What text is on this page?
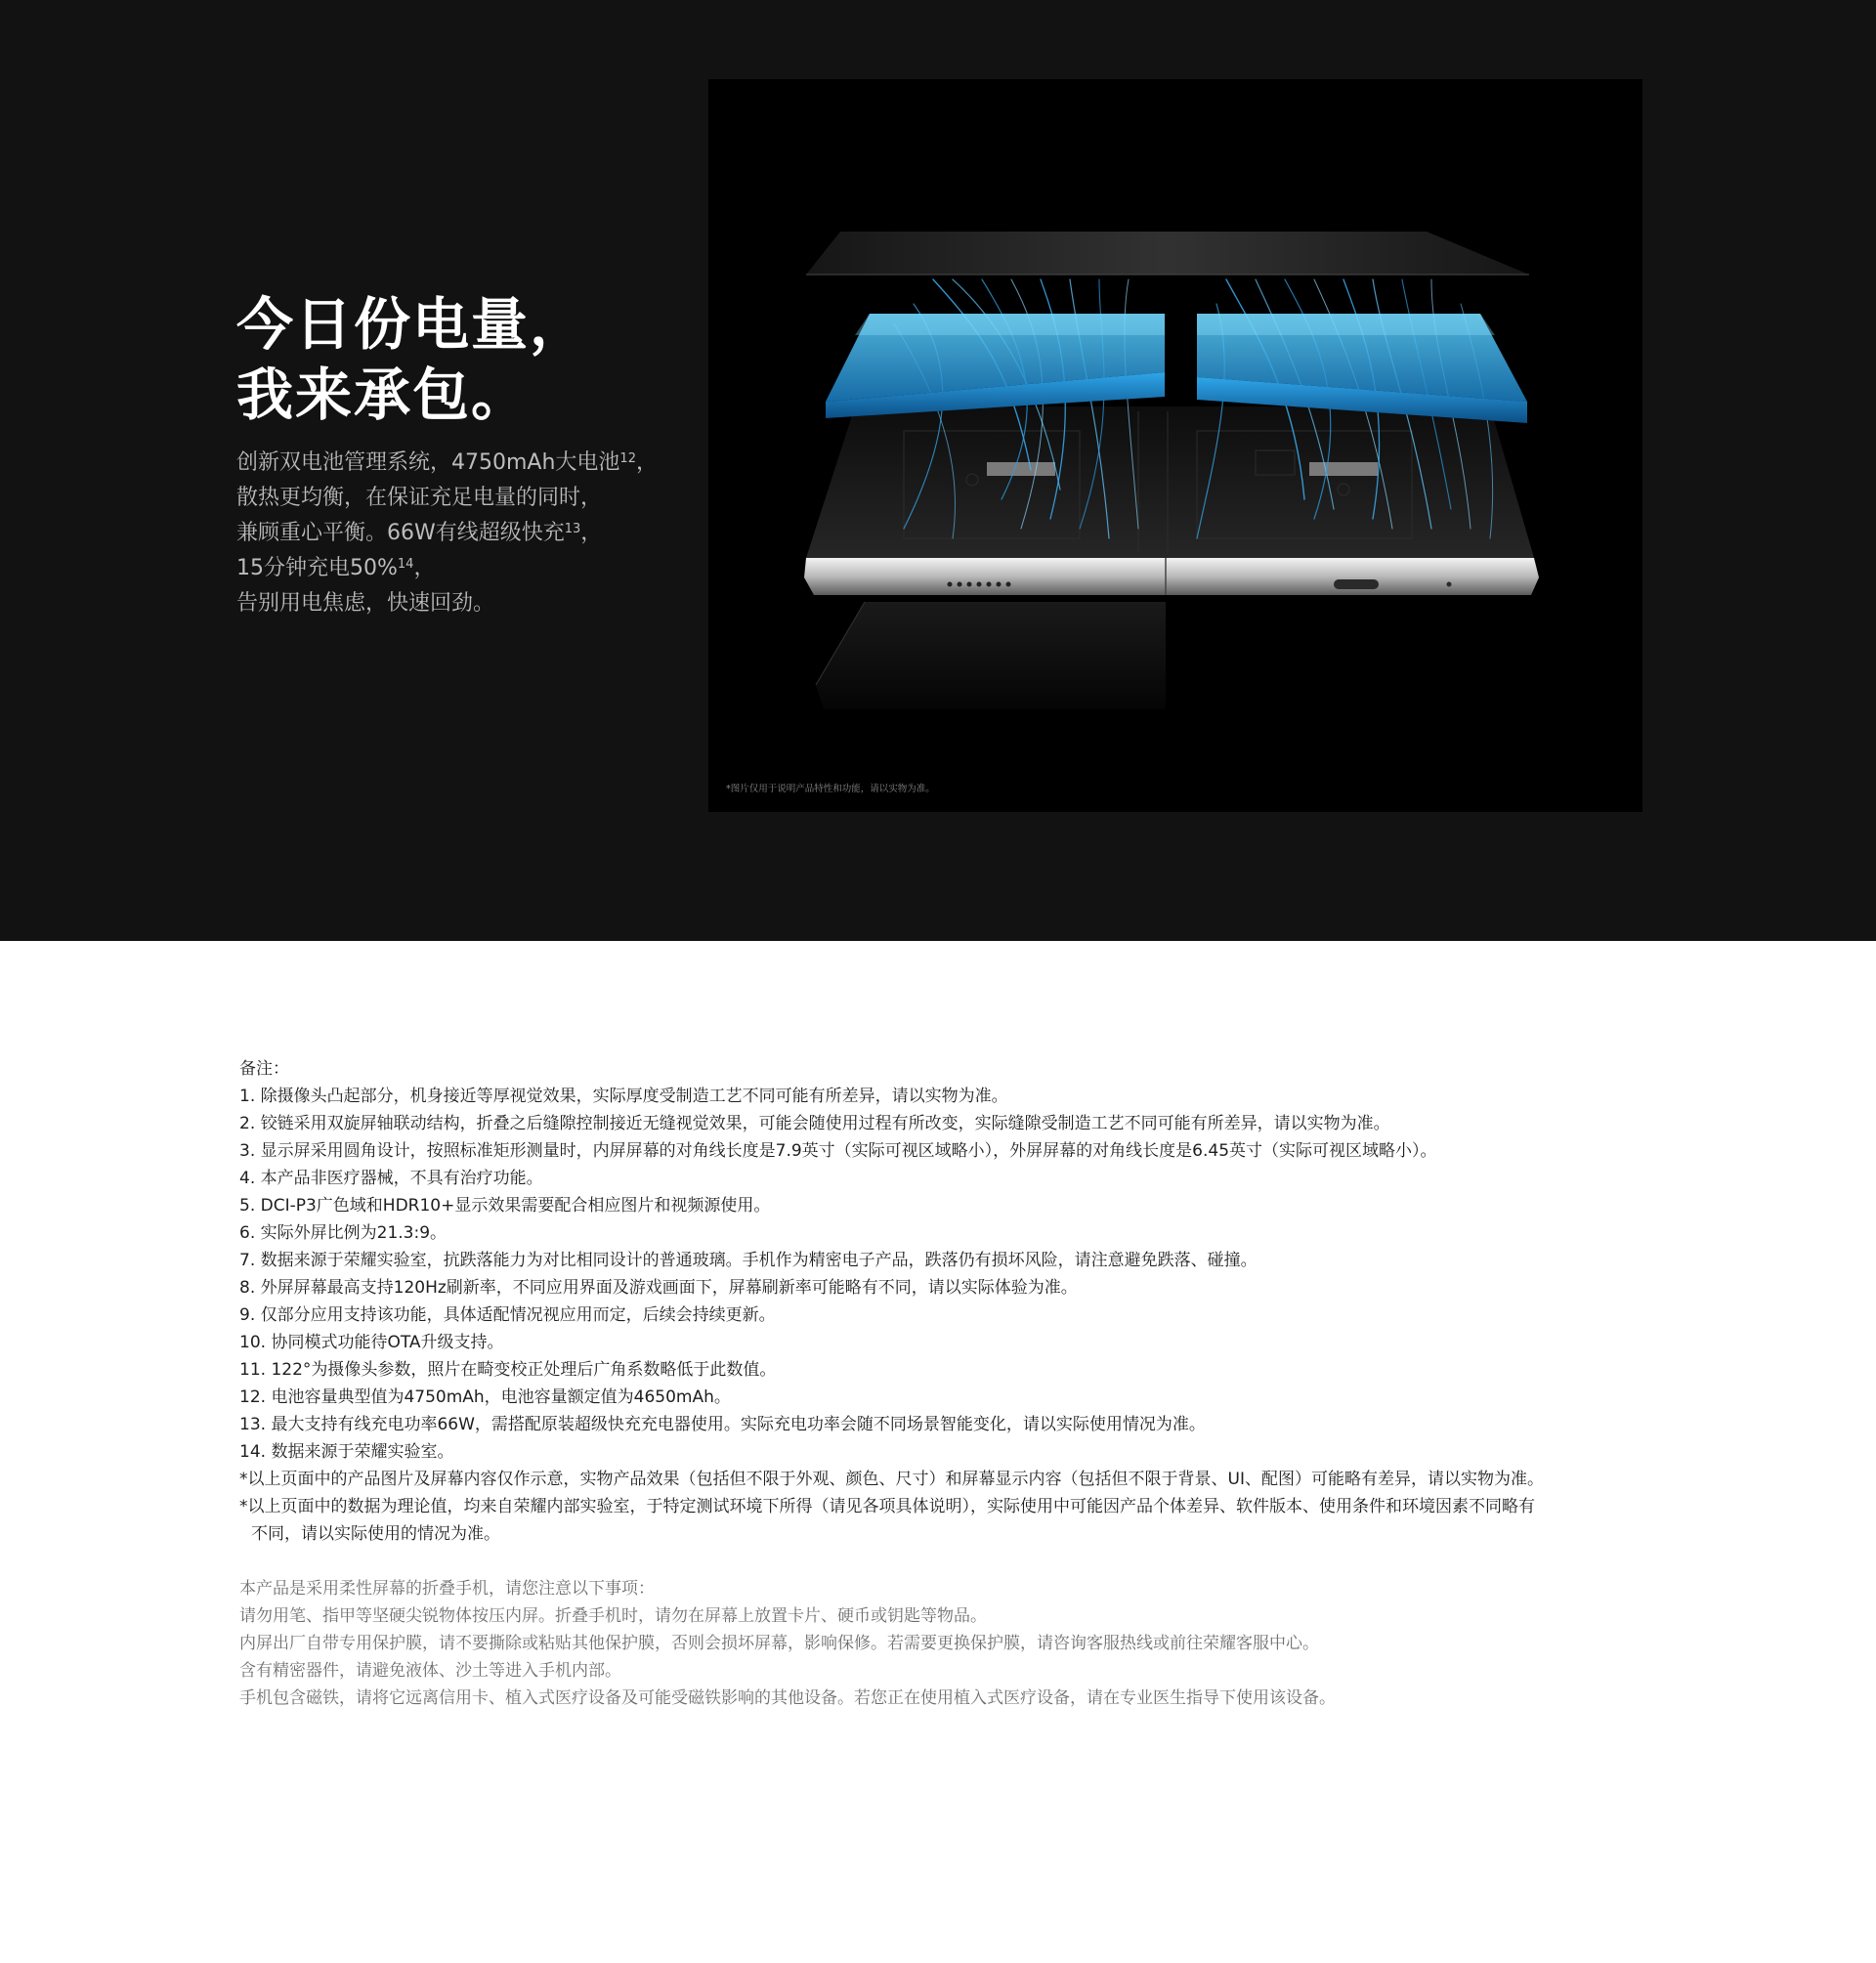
今日份电量，
我来承包。
创新双电池管理系统，4750mAh大电池$^{12}$，
散热更均衡，在保证充足电量的同时，
兼顾重心平衡。66W有线超级快充$^{13}$，
15分钟充电50%$^{14}$，
告别用电焦虑，快速回劲。
*图片仅用于说明产品特性和功能，请以实物为准。
备注：
1. 除摄像头凸起部分，机身接近等厚视觉效果，实际厚度受制造工艺不同可能有所差异，请以实物为准。
2. 铰链采用双旋屏轴联动结构，折叠之后缝隙控制接近无缝视觉效果，可能会随使用过程有所改变，实际缝隙受制造工艺不同可能有所差异，请以实物为准。
3. 显示屏采用圆角设计，按照标准矩形测量时，内屏屏幕的对角线长度是7.9英寸（实际可视区域略小），外屏屏幕的对角线长度是6.45英寸（实际可视区域略小）。
4. 本产品非医疗器械，不具有治疗功能。
5. DCI-P3广色域和HDR10+显示效果需要配合相应图片和视频源使用。
6. 实际外屏比例为21.3:9。
7. 数据来源于荣耀实验室，抗跌落能力为对比相同设计的普通玻璃。手机作为精密电子产品，跌落仍有损坏风险，请注意避免跌落、碰撞。
8. 外屏屏幕最高支持120Hz刷新率，不同应用界面及游戏画面下，屏幕刷新率可能略有不同，请以实际体验为准。
9. 仅部分应用支持该功能，具体适配情况视应用而定，后续会持续更新。
10. 协同模式功能待OTA升级支持。
11. 122°为摄像头参数，照片在畸变校正处理后广角系数略低于此数值。
12. 电池容量典型值为4750mAh，电池容量额定值为4650mAh。
13. 最大支持有线充电功率66W，需搭配原装超级快充充电器使用。实际充电功率会随不同场景智能变化，请以实际使用情况为准。
14. 数据来源于荣耀实验室。
*以上页面中的产品图片及屏幕内容仅作示意，实物产品效果（包括但不限于外观、颜色、尺寸）和屏幕显示内容（包括但不限于背景、UI、配图）可能略有差异，请以实物为准。
*以上页面中的数据为理论值，均来自荣耀内部实验室，于特定测试环境下所得（请见各项具体说明），实际使用中可能因产品个体差异、软件版本、使用条件和环境因素不同略有
不同，请以实际使用的情况为准。
本产品是采用柔性屏幕的折叠手机，请您注意以下事项：
请勿用笔、指甲等坚硬尖锐物体按压内屏。折叠手机时，请勿在屏幕上放置卡片、硬币或钥匙等物品。
内屏出厂自带专用保护膜，请不要撕除或粘贴其他保护膜，否则会损坏屏幕，影响保修。若需要更换保护膜，请咨询客服热线或前往荣耀客服中心。
含有精密器件，请避免液体、沙土等进入手机内部。
手机包含磁铁，请将它远离信用卡、植入式医疗设备及可能受磁铁影响的其他设备。若您正在使用植入式医疗设备，请在专业医生指导下使用该设备。
